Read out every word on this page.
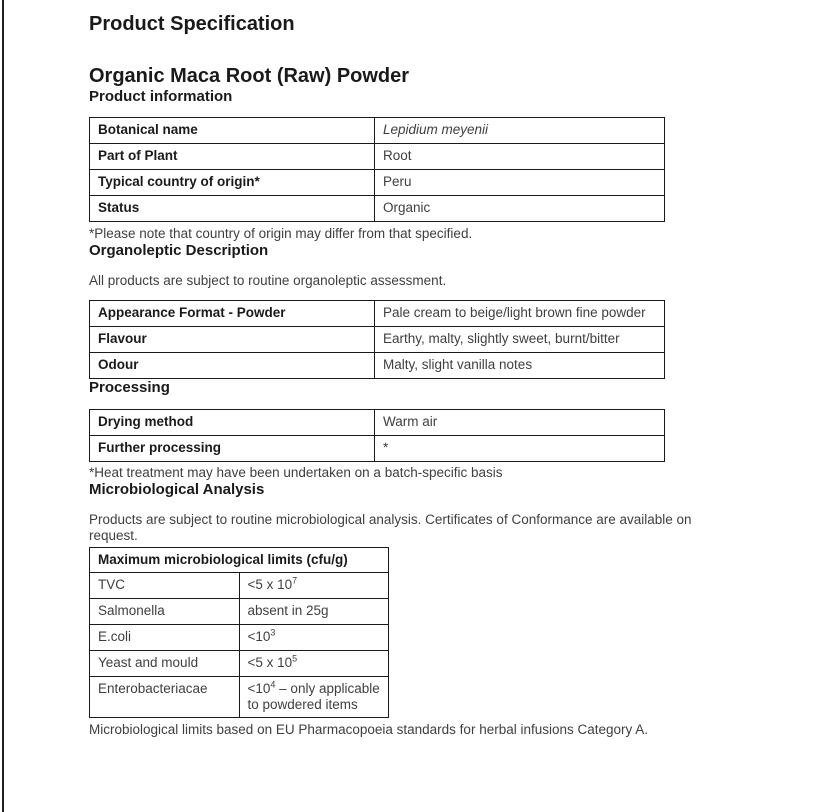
Product Specification
Organic Maca Root (Raw) Powder
Product information
Botanical name	Lepidium meyenii
Part of Plant	Root
Typical country of origin*	Peru
Status	Organic

*Please note that country of origin may differ from that specified.

Organoleptic Description

All products are subject to routine organoleptic assessment.

Appearance Format - Powder	Pale cream to beige/light brown fine powder
Flavour	Earthy, malty, slightly sweet, burnt/bitter
Odour	Malty, slight vanilla notes
Processing
Drying method	Warm air
Further processing	*

*Heat treatment may have been undertaken on a batch-specific basis

Microbiological Analysis

Products are subject to routine microbiological analysis. Certificates of Conformance are available on
request.

Maximum microbiological limits (cfu/g)	
TVC	<5 x $10^7$
Salmonella	absent in 25g
E.coli	$<10^3$
Yeast and mould	<5 x $10^5$
Enterobacteriacae	$<10^4$ – only applicable to powdered items

Microbiological limits based on EU Pharmacopoeia standards for herbal infusions Category A.
